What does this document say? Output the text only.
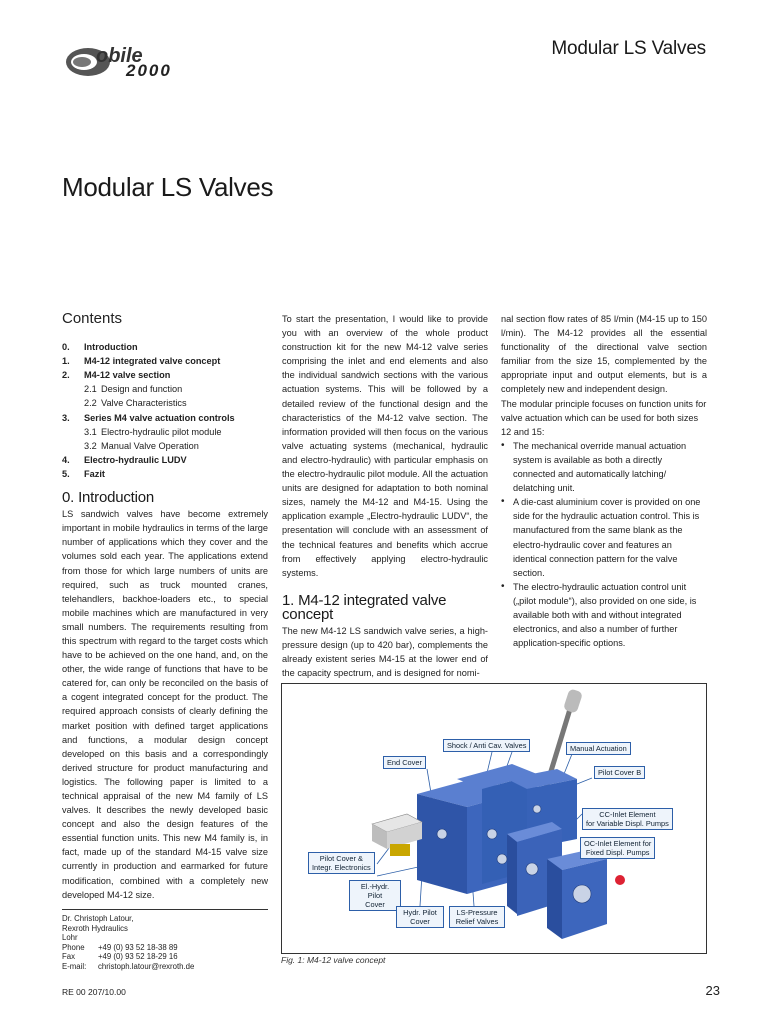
obile
2000
Modular LS Valves
Modular LS Valves
Contents
0.	Introduction
1.	M4-12 integrated valve concept
2.	M4-12 valve section
2.1 Design and function
2.2 Valve Characteristics
3.	Series M4 valve actuation controls
3.1 Electro-hydraulic pilot module
3.2 Manual Valve Operation
4.	Electro-hydraulic LUDV
5.	Fazit
0. Introduction

LS sandwich valves have become extremely important in mobile hydraulics in terms of the large number of applications which they cover and the volumes sold each year. The applications extend from those for which large numbers of units are required, such as truck mounted cranes, telehandlers, backhoe-loaders etc., to special mobile machines which are manufactured in very small numbers. The requirements resulting from this spectrum with regard to the target costs which have to be achieved on the one hand, and, on the other, the wide range of functions that have to be catered for, can only be reconciled on the basis of a cogent integrated concept for the product. The required approach consists of clearly defining the market position with defined target applications and functions, a modular design concept developed on this basis and a correspondingly derived structure for product manufacturing and logistics. The following paper is limited to a technical appraisal of the new M4 family of LS valves. It describes the newly developed basic concept and also the design features of the essential function units. This new M4 family is, in fact, made up of the standard M4-15 valve size currently in production and earmarked for future modification, combined with a completely new developed M4-12 size.

Dr. Christoph Latour,
Rexroth Hydraulics
Lohr
Phone	+49 (0) 93 52 18-38 89
Fax	+49 (0) 93 52 18-29 16
E-mail:	christoph.latour@rexroth.de

To start the presentation, I would like to provide you with an overview of the whole product construction kit for the new M4-12 valve series comprising the inlet and end elements and also the individual sandwich sections with the various actuation systems. This will be followed by a detailed review of the functional design and the characteristics of the M4-12 valve section. The information provided will then focus on the various valve actuating systems (mechanical, hydraulic and electro-hydraulic) with particular emphasis on the electro-hydraulic pilot module. All the actuation units are designed for adaptation to both nominal sizes, namely the M4-12 and M4-15. Using the application example „Electro-hydraulic LUDV“, the presentation will conclude with an assessment of the technical features and benefits which accrue from effectively applying electro-hydraulic systems.

1. M4-12 integrated valve concept

The new M4-12 LS sandwich valve series, a high-pressure design (up to 420 bar), complements the already existent series M4-15 at the lower end of the capacity spectrum, and is designed for nomi-

nal section flow rates of 85 l/min (M4-15 up to 150 l/min). The M4-12 provides all the essential functionality of the directional valve section familiar from the size 15, complemented by the appropriate input and output elements, but is a completely new and independent design.

The modular principle focuses on function units for valve actuation which can be used for both sizes 12 and 15:

• The mechanical override manual actuation system is available as both a directly connected and automatically latching/ delatching unit.
• A die-cast aluminium cover is provided on one side for the hydraulic actuation control. This is manufactured from the same blank as the electro-hydraulic cover and features an identical connection pattern for the valve section.
• The electro-hydraulic actuation control unit („pilot module“), also provided on one side, is available both with and without integrated electronics, and also a number of further application-specific options.
End Cover
Shock / Anti Cav. Valves	Manual Actuation
Pilot Cover B
CC-Inlet Element
for Variable Displ. Pumps
OC-Inlet Element for
Fixed Displ. Pumps
Pilot Cover &
Integr. Electronics
El.-Hydr. Pilot
Cover
Hydr. Pilot
Cover
LS-Pressure
Relief Valves
Fig. 1: M4-12 valve concept
RE 00 207/10.00	23
